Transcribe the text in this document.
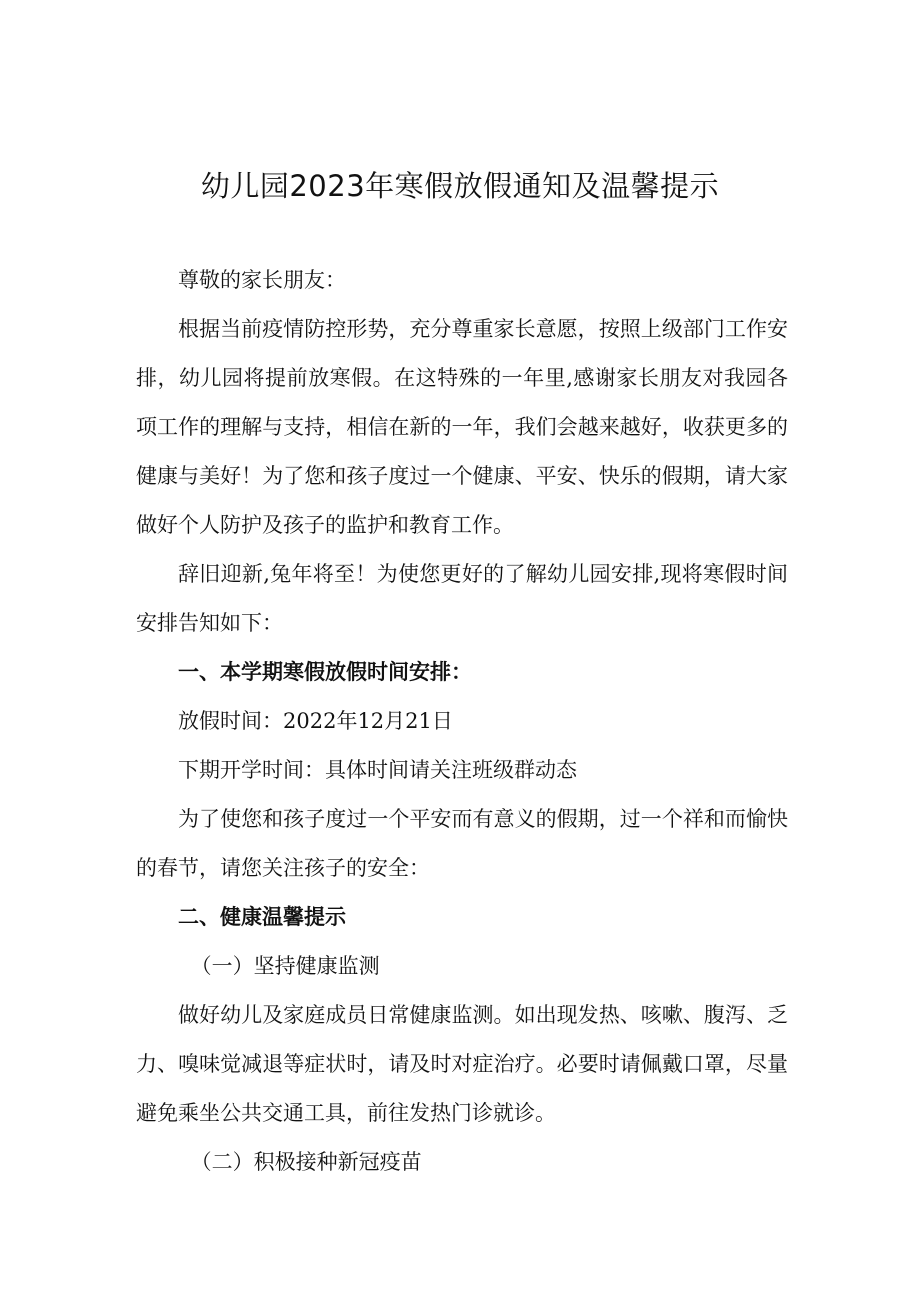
幼儿园2023年寒假放假通知及温馨提示

尊敬的家长朋友：

根据当前疫情防控形势，充分尊重家长意愿，按照上级部门工作安排，幼儿园将提前放寒假。在这特殊的一年里,感谢家长朋友对我园各项工作的理解与支持，相信在新的一年，我们会越来越好，收获更多的健康与美好！为了您和孩子度过一个健康、平安、快乐的假期，请大家做好个人防护及孩子的监护和教育工作。

辞旧迎新,兔年将至！为使您更好的了解幼儿园安排,现将寒假时间安排告知如下：

一、本学期寒假放假时间安排：

放假时间：2022年12月21日

下期开学时间：具体时间请关注班级群动态

为了使您和孩子度过一个平安而有意义的假期，过一个祥和而愉快的春节，请您关注孩子的安全：

二、健康温馨提示

（一）坚持健康监测

做好幼儿及家庭成员日常健康监测。如出现发热、咳嗽、腹泻、乏力、嗅味觉减退等症状时，请及时对症治疗。必要时请佩戴口罩，尽量避免乘坐公共交通工具，前往发热门诊就诊。

（二）积极接种新冠疫苗
